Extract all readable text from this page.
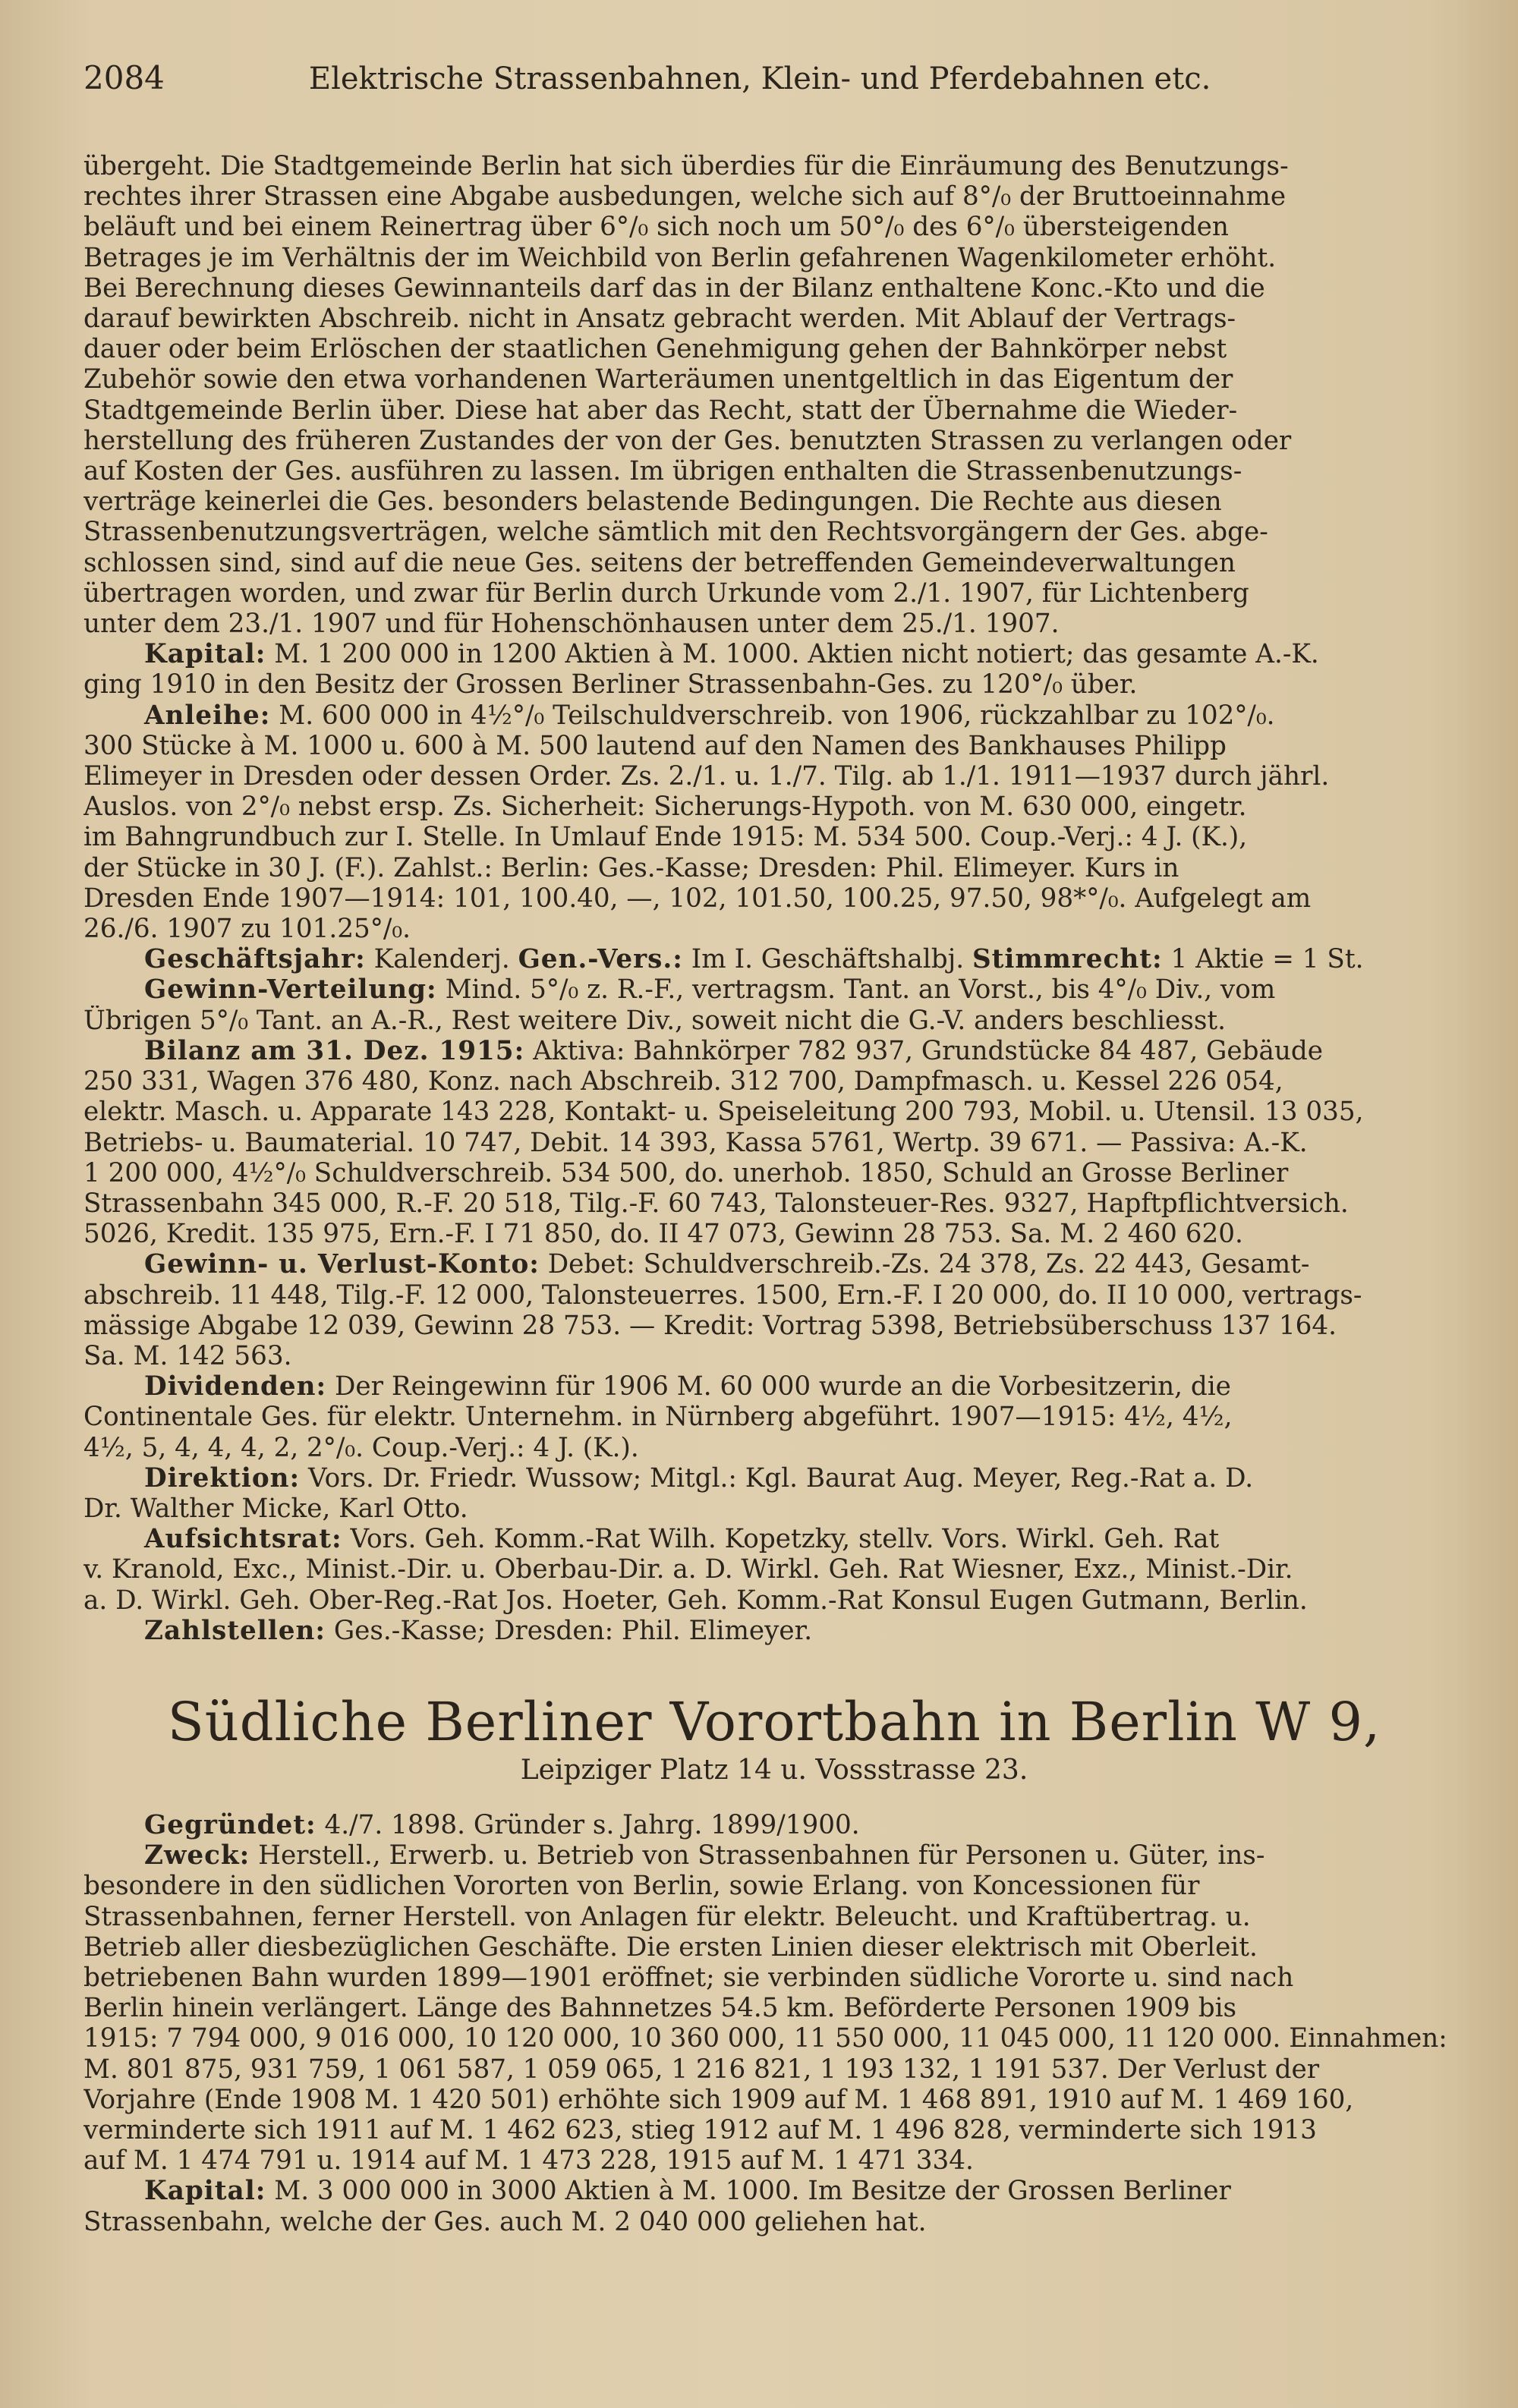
2084	Elektrische Strassenbahnen, Klein- und Pferdebahnen etc.
übergeht. Die Stadtgemeinde Berlin hat sich überdies für die Einräumung des Benutzungs-
rechtes ihrer Strassen eine Abgabe ausbedungen, welche sich auf 8°/₀ der Bruttoeinnahme
beläuft und bei einem Reinertrag über 6°/₀ sich noch um 50°/₀ des 6°/₀ übersteigenden
Betrages je im Verhältnis der im Weichbild von Berlin gefahrenen Wagenkilometer erhöht.
Bei Berechnung dieses Gewinnanteils darf das in der Bilanz enthaltene Konc.-Kto und die
darauf bewirkten Abschreib. nicht in Ansatz gebracht werden. Mit Ablauf der Vertrags-
dauer oder beim Erlöschen der staatlichen Genehmigung gehen der Bahnkörper nebst
Zubehör sowie den etwa vorhandenen Warteräumen unentgeltlich in das Eigentum der
Stadtgemeinde Berlin über. Diese hat aber das Recht, statt der Übernahme die Wieder-
herstellung des früheren Zustandes der von der Ges. benutzten Strassen zu verlangen oder
auf Kosten der Ges. ausführen zu lassen. Im übrigen enthalten die Strassenbenutzungs-
verträge keinerlei die Ges. besonders belastende Bedingungen. Die Rechte aus diesen
Strassenbenutzungsverträgen, welche sämtlich mit den Rechtsvorgängern der Ges. abge-
schlossen sind, sind auf die neue Ges. seitens der betreffenden Gemeindeverwaltungen
übertragen worden, und zwar für Berlin durch Urkunde vom 2./1. 1907, für Lichtenberg
unter dem 23./1. 1907 und für Hohenschönhausen unter dem 25./1. 1907.
Kapital: M. 1 200 000 in 1200 Aktien à M. 1000. Aktien nicht notiert; das gesamte A.-K.
ging 1910 in den Besitz der Grossen Berliner Strassenbahn-Ges. zu 120°/₀ über.
Anleihe: M. 600 000 in 4½°/₀ Teilschuldverschreib. von 1906, rückzahlbar zu 102°/₀.
300 Stücke à M. 1000 u. 600 à M. 500 lautend auf den Namen des Bankhauses Philipp
Elimeyer in Dresden oder dessen Order. Zs. 2./1. u. 1./7. Tilg. ab 1./1. 1911—1937 durch jährl.
Auslos. von 2°/₀ nebst ersp. Zs. Sicherheit: Sicherungs-Hypoth. von M. 630 000, eingetr.
im Bahngrundbuch zur I. Stelle. In Umlauf Ende 1915: M. 534 500. Coup.-Verj.: 4 J. (K.),
der Stücke in 30 J. (F.). Zahlst.: Berlin: Ges.-Kasse; Dresden: Phil. Elimeyer. Kurs in
Dresden Ende 1907—1914: 101, 100.40, —, 102, 101.50, 100.25, 97.50, 98*°/₀. Aufgelegt am
26./6. 1907 zu 101.25°/₀.
Geschäftsjahr: Kalenderj. Gen.-Vers.: Im I. Geschäftshalbj. Stimmrecht: 1 Aktie = 1 St.
Gewinn-Verteilung: Mind. 5°/₀ z. R.-F., vertragsm. Tant. an Vorst., bis 4°/₀ Div., vom
Übrigen 5°/₀ Tant. an A.-R., Rest weitere Div., soweit nicht die G.-V. anders beschliesst.
Bilanz am 31. Dez. 1915: Aktiva: Bahnkörper 782 937, Grundstücke 84 487, Gebäude
250 331, Wagen 376 480, Konz. nach Abschreib. 312 700, Dampfmasch. u. Kessel 226 054,
elektr. Masch. u. Apparate 143 228, Kontakt- u. Speiseleitung 200 793, Mobil. u. Utensil. 13 035,
Betriebs- u. Baumaterial. 10 747, Debit. 14 393, Kassa 5761, Wertp. 39 671. — Passiva: A.-K.
1 200 000, 4½°/₀ Schuldverschreib. 534 500, do. unerhob. 1850, Schuld an Grosse Berliner
Strassenbahn 345 000, R.-F. 20 518, Tilg.-F. 60 743, Talonsteuer-Res. 9327, Hapftpflichtversich.
5026, Kredit. 135 975, Ern.-F. I 71 850, do. II 47 073, Gewinn 28 753. Sa. M. 2 460 620.
Gewinn- u. Verlust-Konto: Debet: Schuldverschreib.-Zs. 24 378, Zs. 22 443, Gesamt-
abschreib. 11 448, Tilg.-F. 12 000, Talonsteuerres. 1500, Ern.-F. I 20 000, do. II 10 000, vertrags-
mässige Abgabe 12 039, Gewinn 28 753. — Kredit: Vortrag 5398, Betriebsüberschuss 137 164.
Sa. M. 142 563.
Dividenden: Der Reingewinn für 1906 M. 60 000 wurde an die Vorbesitzerin, die
Continentale Ges. für elektr. Unternehm. in Nürnberg abgeführt. 1907—1915: 4½, 4½,
4½, 5, 4, 4, 4, 2, 2°/₀. Coup.-Verj.: 4 J. (K.).
Direktion: Vors. Dr. Friedr. Wussow; Mitgl.: Kgl. Baurat Aug. Meyer, Reg.-Rat a. D.
Dr. Walther Micke, Karl Otto.
Aufsichtsrat: Vors. Geh. Komm.-Rat Wilh. Kopetzky, stellv. Vors. Wirkl. Geh. Rat
v. Kranold, Exc., Minist.-Dir. u. Oberbau-Dir. a. D. Wirkl. Geh. Rat Wiesner, Exz., Minist.-Dir.
a. D. Wirkl. Geh. Ober-Reg.-Rat Jos. Hoeter, Geh. Komm.-Rat Konsul Eugen Gutmann, Berlin.
Zahlstellen: Ges.-Kasse; Dresden: Phil. Elimeyer.
Südliche Berliner Vorortbahn in Berlin W 9,
Leipziger Platz 14 u. Vossstrasse 23.
Gegründet: 4./7. 1898. Gründer s. Jahrg. 1899/1900.
Zweck: Herstell., Erwerb. u. Betrieb von Strassenbahnen für Personen u. Güter, ins-
besondere in den südlichen Vororten von Berlin, sowie Erlang. von Koncessionen für
Strassenbahnen, ferner Herstell. von Anlagen für elektr. Beleucht. und Kraftübertrag. u.
Betrieb aller diesbezüglichen Geschäfte. Die ersten Linien dieser elektrisch mit Oberleit.
betriebenen Bahn wurden 1899—1901 eröffnet; sie verbinden südliche Vororte u. sind nach
Berlin hinein verlängert. Länge des Bahnnetzes 54.5 km. Beförderte Personen 1909 bis
1915: 7 794 000, 9 016 000, 10 120 000, 10 360 000, 11 550 000, 11 045 000, 11 120 000. Einnahmen:
M. 801 875, 931 759, 1 061 587, 1 059 065, 1 216 821, 1 193 132, 1 191 537. Der Verlust der
Vorjahre (Ende 1908 M. 1 420 501) erhöhte sich 1909 auf M. 1 468 891, 1910 auf M. 1 469 160,
verminderte sich 1911 auf M. 1 462 623, stieg 1912 auf M. 1 496 828, verminderte sich 1913
auf M. 1 474 791 u. 1914 auf M. 1 473 228, 1915 auf M. 1 471 334.
Kapital: M. 3 000 000 in 3000 Aktien à M. 1000. Im Besitze der Grossen Berliner
Strassenbahn, welche der Ges. auch M. 2 040 000 geliehen hat.
